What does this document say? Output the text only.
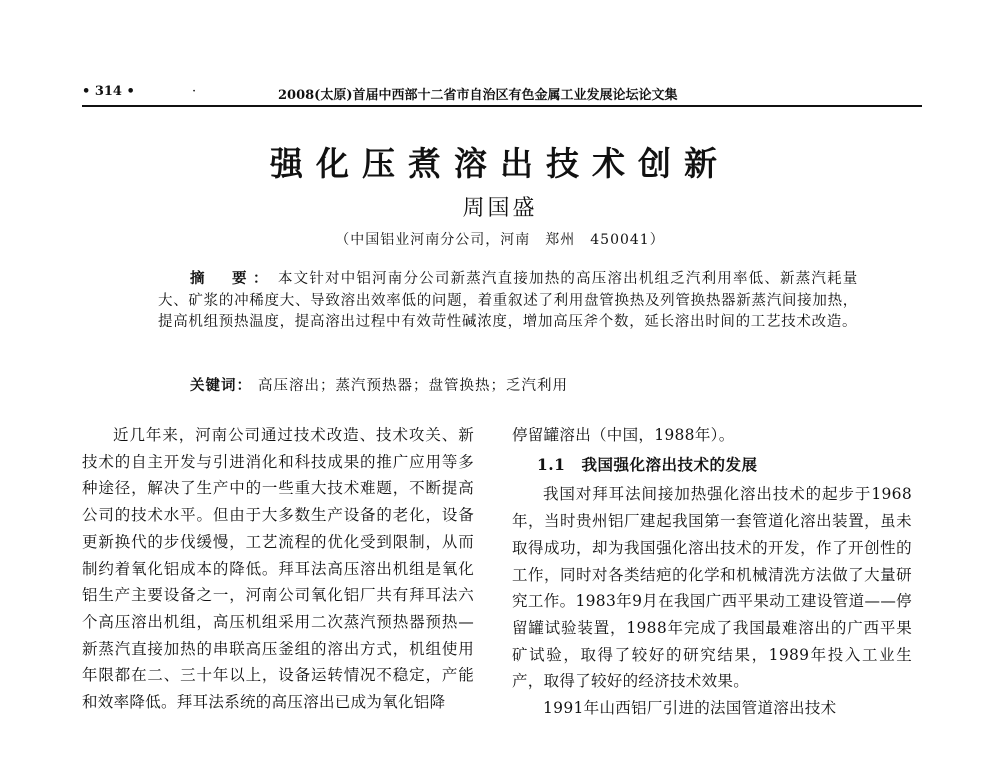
• 314 •	·	2008(太原)首届中西部十二省市自治区有色金属工业发展论坛论文集
强化压煮溶出技术创新
周国盛
（中国铝业河南分公司，河南　郑州　450041）
摘　要： 本文针对中铝河南分公司新蒸汽直接加热的高压溶出机组乏汽利用率低、新蒸汽耗量大、矿浆的冲稀度大、导致溶出效率低的问题，着重叙述了利用盘管换热及列管换热器新蒸汽间接加热，提高机组预热温度，提高溶出过程中有效苛性碱浓度，增加高压斧个数，延长溶出时间的工艺技术改造。
关键词： 高压溶出；蒸汽预热器；盘管换热；乏汽利用

近几年来，河南公司通过技术改造、技术攻关、新技术的自主开发与引进消化和科技成果的推广应用等多种途径，解决了生产中的一些重大技术难题，不断提高公司的技术水平。但由于大多数生产设备的老化，设备更新换代的步伐缓慢，工艺流程的优化受到限制，从而制约着氧化铝成本的降低。拜耳法高压溶出机组是氧化铝生产主要设备之一，河南公司氧化铝厂共有拜耳法六个高压溶出机组，高压机组采用二次蒸汽预热器预热—新蒸汽直接加热的串联高压釜组的溶出方式，机组使用年限都在二、三十年以上，设备运转情况不稳定，产能和效率降低。拜耳法系统的高压溶出已成为氧化铝降

停留罐溶出（中国，1988年）。

1.1　我国强化溶出技术的发展

我国对拜耳法间接加热强化溶出技术的起步于1968年，当时贵州铝厂建起我国第一套管道化溶出装置，虽未取得成功，却为我国强化溶出技术的开发，作了开创性的工作，同时对各类结疤的化学和机械清洗方法做了大量研究工作。1983年9月在我国广西平果动工建设管道——停留罐试验装置，1988年完成了我国最难溶出的广西平果矿试验，取得了较好的研究结果，1989年投入工业生产，取得了较好的经济技术效果。

1991年山西铝厂引进的法国管道溶出技术
